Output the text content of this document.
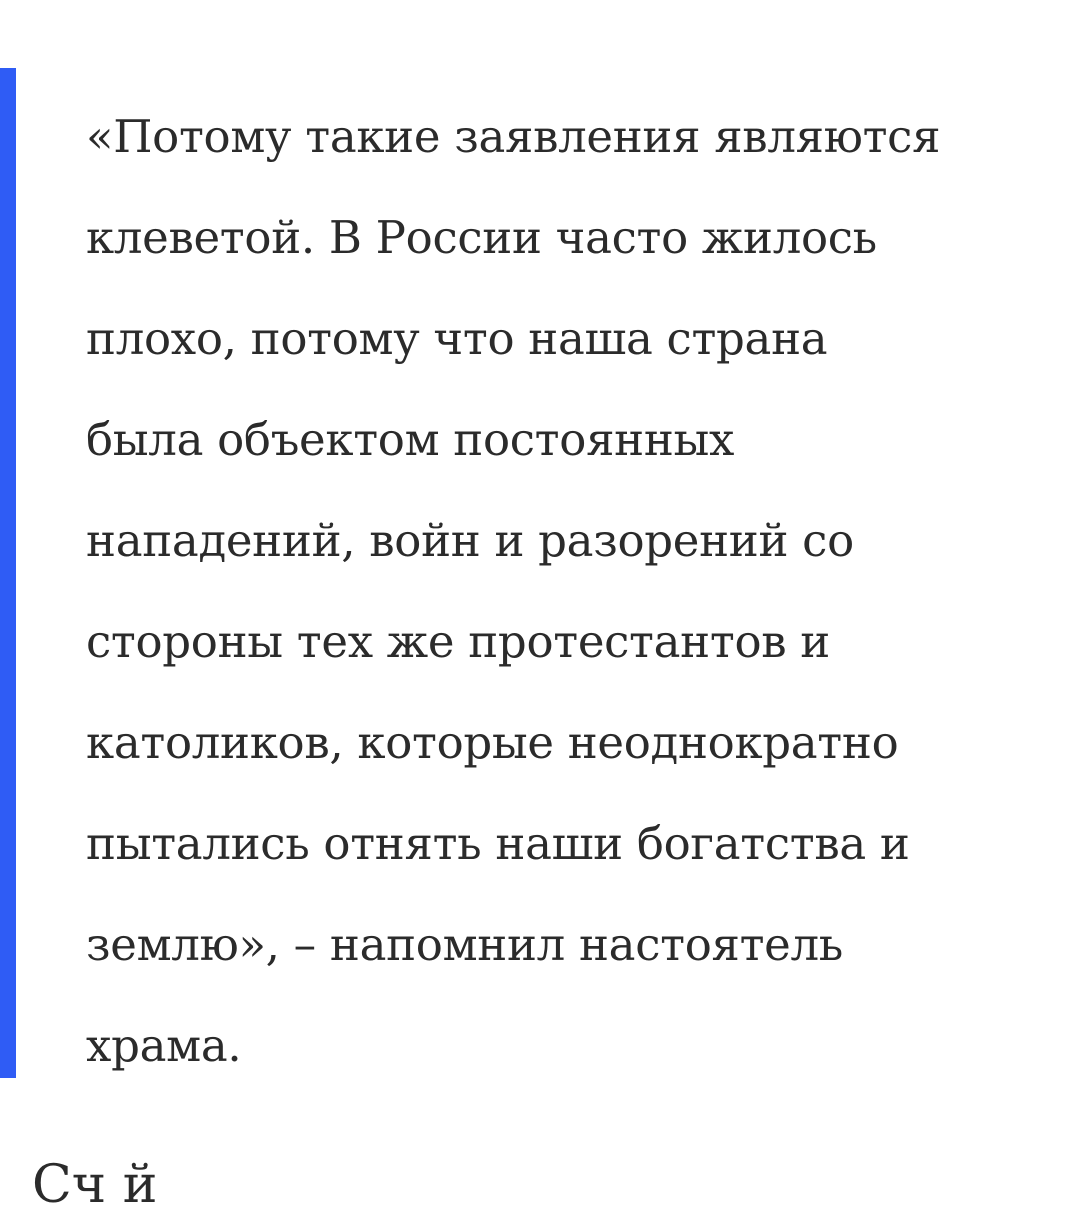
«Потому такие заявления являются
клеветой. В России часто жилось
плохо, потому что наша страна
была объектом постоянных
нападений, войн и разорений со
стороны тех же протестантов и
католиков, которые неоднократно
пытались отнять наши богатства и
землю», – напомнил настоятель
храма.

Сч й
